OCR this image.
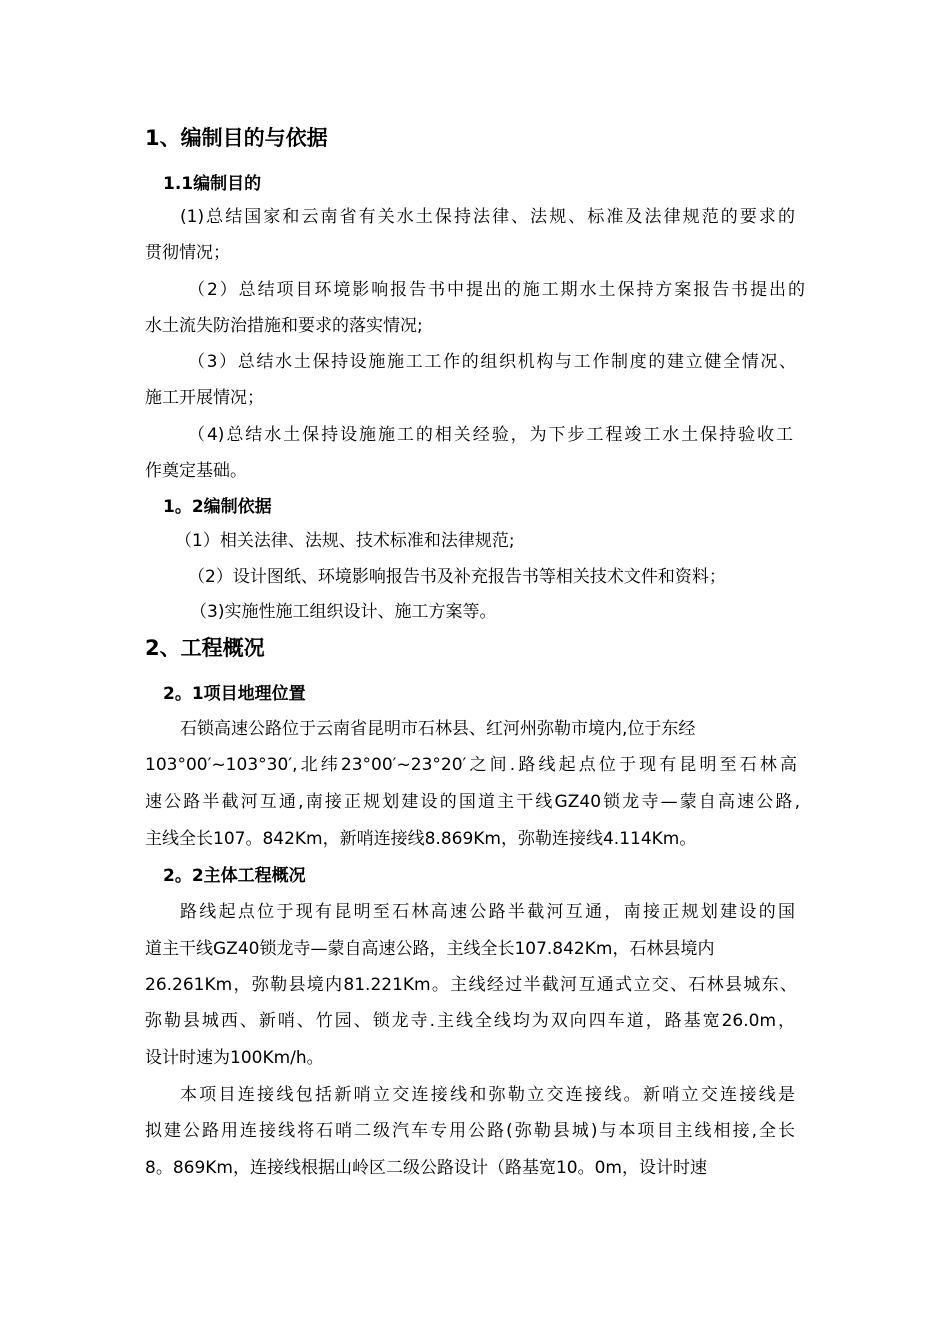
1、编制目的与依据
1.1编制目的
(1)总结国家和云南省有关水土保持法律、法规、标准及法律规范的要求的
贯彻情况；
（2）总结项目环境影响报告书中提出的施工期水土保持方案报告书提出的
水土流失防治措施和要求的落实情况;
（3）总结水土保持设施施工工作的组织机构与工作制度的建立健全情况、
施工开展情况；
（4)总结水土保持设施施工的相关经验，为下步工程竣工水土保持验收工
作奠定基础。
1。2编制依据
（1）相关法律、法规、技术标准和法律规范;
（2）设计图纸、环境影响报告书及补充报告书等相关技术文件和资料；
（3)实施性施工组织设计、施工方案等。
2、工程概况
2。1项目地理位置
石锁高速公路位于云南省昆明市石林县、红河州弥勒市境内,位于东经
103°00′~103°30′,北纬23°00′~23°20′之间.路线起点位于现有昆明至石林高
速公路半截河互通,南接正规划建设的国道主干线GZ40锁龙寺—蒙自高速公路,
主线全长107。842Km，新哨连接线8.869Km，弥勒连接线4.114Km。
2。2主体工程概况
路线起点位于现有昆明至石林高速公路半截河互通，南接正规划建设的国
道主干线GZ40锁龙寺—蒙自高速公路，主线全长107.842Km，石林县境内
26.261Km，弥勒县境内81.221Km。主线经过半截河互通式立交、石林县城东、
弥勒县城西、新哨、竹园、锁龙寺.主线全线均为双向四车道，路基宽26.0m，
设计时速为100Km/h。
本项目连接线包括新哨立交连接线和弥勒立交连接线。新哨立交连接线是
拟建公路用连接线将石哨二级汽车专用公路(弥勒县城)与本项目主线相接,全长
8。869Km，连接线根据山岭区二级公路设计（路基宽10。0m，设计时速
